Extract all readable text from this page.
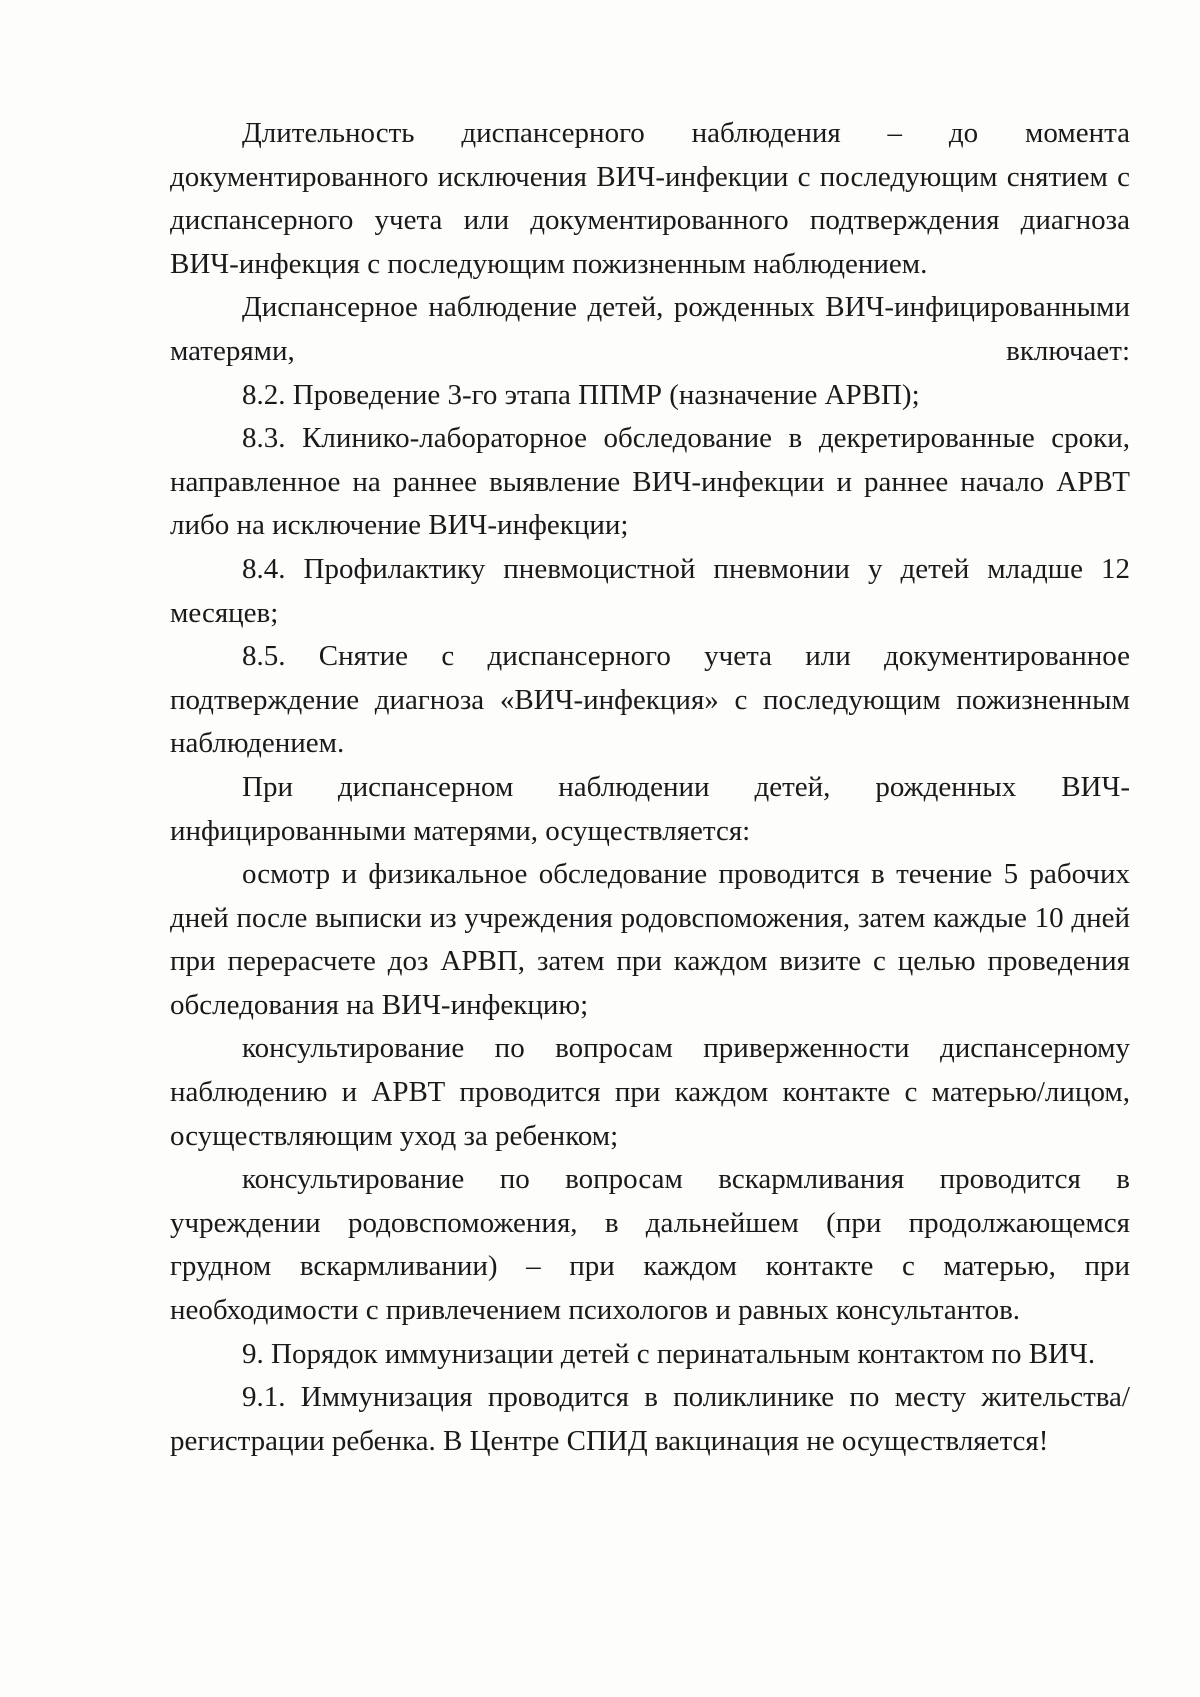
Длительность диспансерного наблюдения – до момента документированного исключения ВИЧ-инфекции с последующим снятием с диспансерного учета или документированного подтверждения диагноза ВИЧ-инфекция с последующим пожизненным наблюдением.

Диспансерное наблюдение детей, рожденных ВИЧ-инфицированными матерями, включает:

8.2. Проведение 3-го этапа ППМР (назначение АРВП);

8.3. Клинико-лабораторное обследование в декретированные сроки, направленное на раннее выявление ВИЧ-инфекции и раннее начало АРВТ либо на исключение ВИЧ-инфекции;

8.4. Профилактику пневмоцистной пневмонии у детей младше 12 месяцев;

8.5. Снятие с диспансерного учета или документированное подтверждение диагноза «ВИЧ-инфекция» с последующим пожизненным наблюдением.

При диспансерном наблюдении детей, рожденных ВИЧ-инфицированными матерями, осуществляется:

осмотр и физикальное обследование проводится в течение 5 рабочих дней после выписки из учреждения родовспоможения, затем каждые 10 дней при перерасчете доз АРВП, затем при каждом визите с целью проведения обследования на ВИЧ-инфекцию;

консультирование по вопросам приверженности диспансерному наблюдению и АРВТ проводится при каждом контакте с матерью/лицом, осуществляющим уход за ребенком;

консультирование по вопросам вскармливания проводится в учреждении родовспоможения, в дальнейшем (при продолжающемся грудном вскармливании) – при каждом контакте с матерью, при необходимости с привлечением психологов и равных консультантов.

9. Порядок иммунизации детей с перинатальным контактом по ВИЧ.

9.1. Иммунизация проводится в поликлинике по месту жительства/регистрации ребенка. В Центре СПИД вакцинация не осуществляется!
